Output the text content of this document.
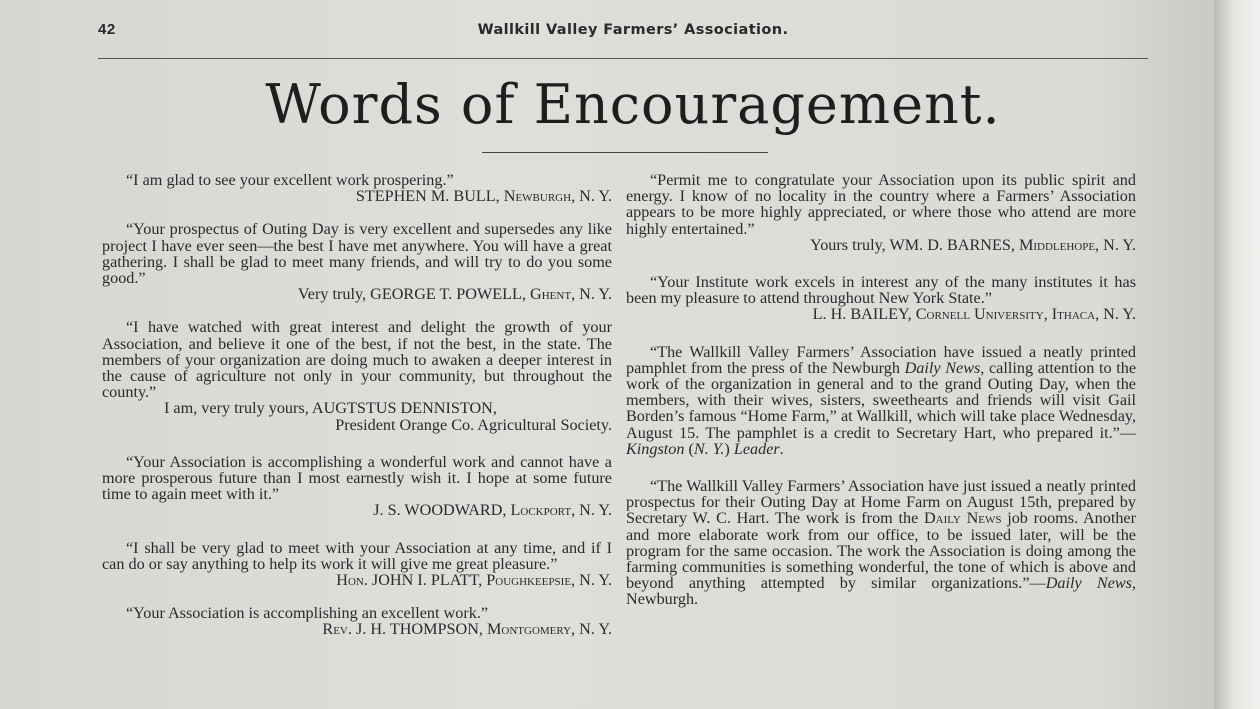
42	Wallkill Valley Farmers’ Association.
Words of Encouragement.

“I am glad to see your excellent work prospering.”

STEPHEN M. BULL, Newburgh, N. Y.

“Your prospectus of Outing Day is very excellent and supersedes any like project I have ever seen—the best I have met anywhere. You will have a great gathering. I shall be glad to meet many friends, and will try to do you some good.”

Very truly, GEORGE T. POWELL, Ghent, N. Y.

“I have watched with great interest and delight the growth of your Association, and believe it one of the best, if not the best, in the state. The members of your organization are doing much to awaken a deeper interest in the cause of agriculture not only in your community, but throughout the county.”

I am, very truly yours, AUGTSTUS DENNISTON,

President Orange Co. Agricultural Society.

“Your Association is accomplishing a wonderful work and cannot have a more prosperous future than I most earnestly wish it. I hope at some future time to again meet with it.”

J. S. WOODWARD, Lockport, N. Y.

“I shall be very glad to meet with your Association at any time, and if I can do or say anything to help its work it will give me great pleasure.”

Hon. JOHN I. PLATT, Poughkeepsie, N. Y.

“Your Association is accomplishing an excellent work.”

Rev. J. H. THOMPSON, Montgomery, N. Y.

“Permit me to congratulate your Association upon its public spirit and energy. I know of no locality in the country where a Farmers’ Association appears to be more highly appreciated, or where those who attend are more highly entertained.”

Yours truly, WM. D. BARNES, Middlehope, N. Y.

“Your Institute work excels in interest any of the many institutes it has been my pleasure to attend throughout New York State.”

L. H. BAILEY, Cornell University, Ithaca, N. Y.

“The Wallkill Valley Farmers’ Association have issued a neatly printed pamphlet from the press of the Newburgh Daily News, calling attention to the work of the organization in general and to the grand Outing Day, when the members, with their wives, sisters, sweethearts and friends will visit Gail Borden’s famous “Home Farm,” at Wallkill, which will take place Wednesday, August 15. The pamphlet is a credit to Secretary Hart, who prepared it.”—Kingston (N. Y.) Leader.

“The Wallkill Valley Farmers’ Association have just issued a neatly printed prospectus for their Outing Day at Home Farm on August 15th, prepared by Secretary W. C. Hart. The work is from the Daily News job rooms. Another and more elaborate work from our office, to be issued later, will be the program for the same occasion. The work the Association is doing among the farming communities is something wonderful, the tone of which is above and beyond anything attempted by similar organizations.”—Daily News, Newburgh.
